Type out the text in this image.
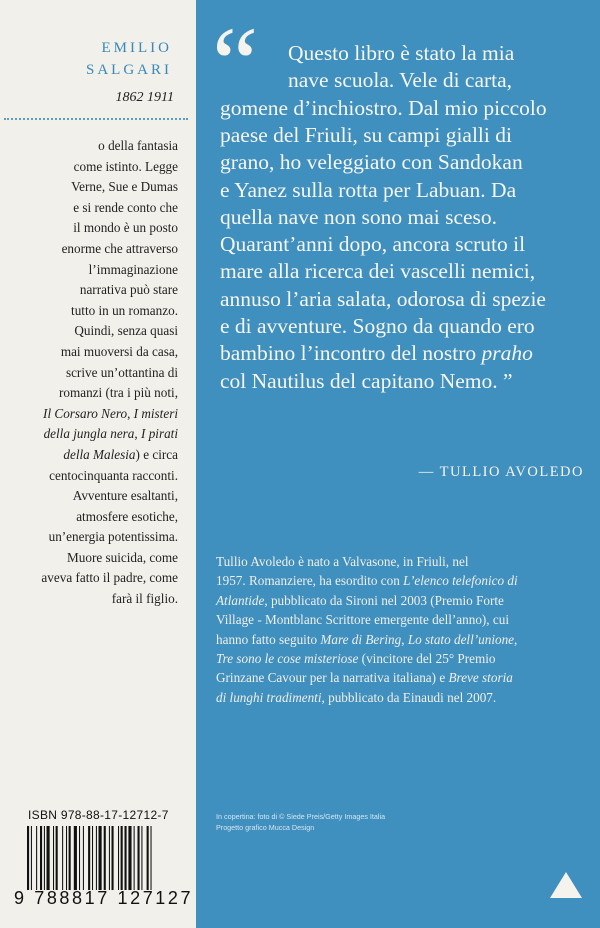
EMILIO
SALGARI
1862 1911
o della fantasia
come istinto. Legge
Verne, Sue e Dumas
e si rende conto che
il mondo è un posto
enorme che attraverso
l’immaginazione
narrativa può stare
tutto in un romanzo.
Quindi, senza quasi
mai muoversi da casa,
scrive un’ottantina di
romanzi (tra i più noti,
Il Corsaro Nero, I misteri
della jungla nera, I pirati
della Malesia) e circa
centocinquanta racconti.
Avventure esaltanti,
atmosfere esotiche,
un’energia potentissima.
Muore suicida, come
aveva fatto il padre, come
farà il figlio.
ISBN 978-88-17-12712-7
9 788817 127127
“ Questo libro è stato la mia
nave scuola. Vele di carta,
gomene d’inchiostro. Dal mio piccolo
paese del Friuli, su campi gialli di
grano, ho veleggiato con Sandokan
e Yanez sulla rotta per Labuan. Da
quella nave non sono mai sceso.
Quarant’anni dopo, ancora scruto il
mare alla ricerca dei vascelli nemici,
annuso l’aria salata, odorosa di spezie
e di avventure. Sogno da quando ero
bambino l’incontro del nostro praho
col Nautilus del capitano Nemo. ”
— TULLIO AVOLEDO
Tullio Avoledo è nato a Valvasone, in Friuli, nel
1957. Romanziere, ha esordito con L’elenco telefonico di
Atlantide, pubblicato da Sironi nel 2003 (Premio Forte
Village - Montblanc Scrittore emergente dell’anno), cui
hanno fatto seguito Mare di Bering, Lo stato dell’unione,
Tre sono le cose misteriose (vincitore del 25° Premio
Grinzane Cavour per la narrativa italiana) e Breve storia
di lunghi tradimenti, pubblicato da Einaudi nel 2007.
In copertina: foto di © Siede Preis/Getty Images Italia
Progetto grafico Mucca Design
